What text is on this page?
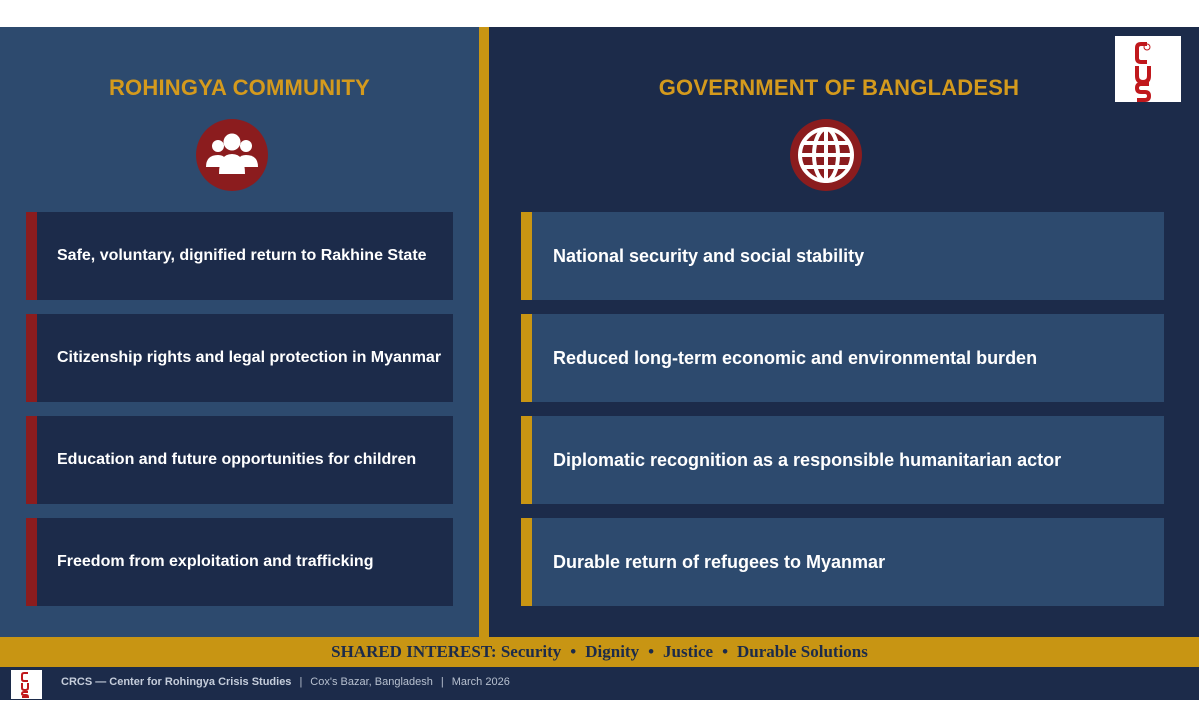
ROHINGYA COMMUNITY	GOVERNMENT OF BANGLADESH
Safe, voluntary, dignified return to Rakhine State
Citizenship rights and legal protection in Myanmar
Education and future opportunities for children
Freedom from exploitation and trafficking
National security and social stability
Reduced long-term economic and environmental burden
Diplomatic recognition as a responsible humanitarian actor
Durable return of refugees to Myanmar
SHARED INTEREST:
Security • Dignity • Justice • Durable Solutions
CRCS — Center for Rohingya Crisis Studies | Cox's Bazar, Bangladesh | March 2026
